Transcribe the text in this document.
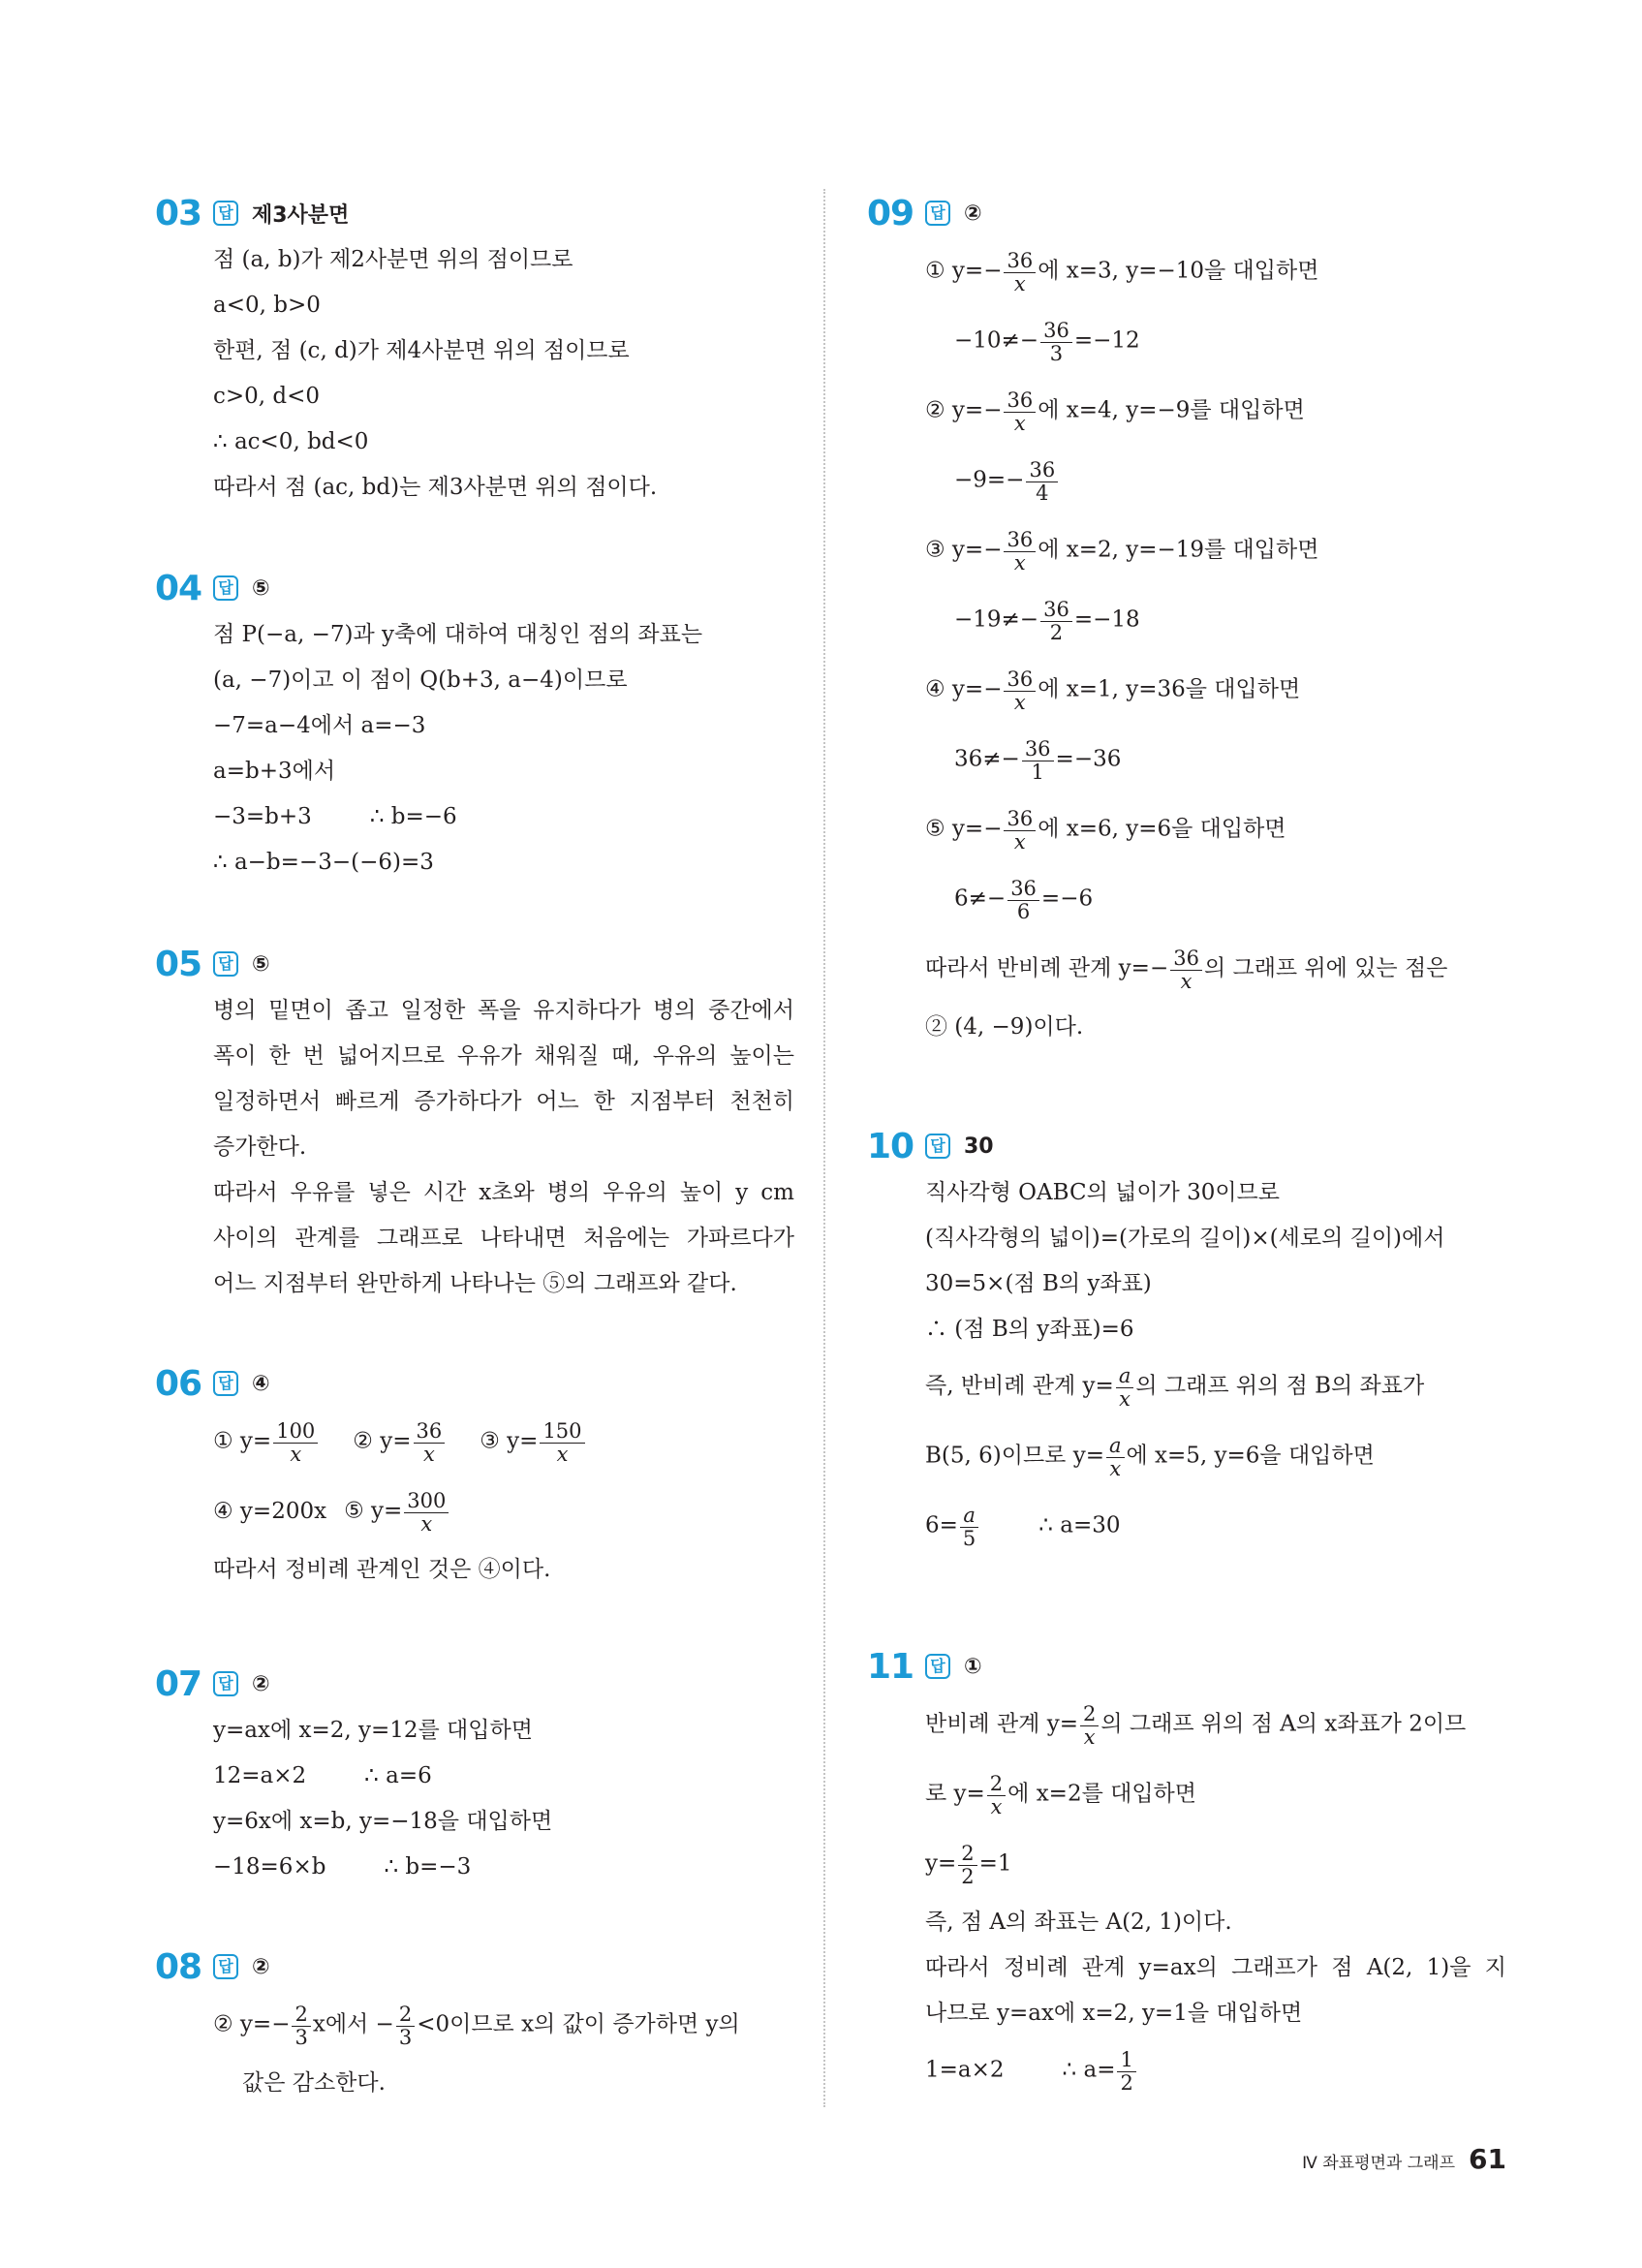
03	답 제3사분면
점 (a, b)가 제2사분면 위의 점이므로
a<0, b>0
한편, 점 (c, d)가 제4사분면 위의 점이므로
c>0, d<0
∴ ac<0, bd<0
따라서 점 (ac, bd)는 제3사분면 위의 점이다.
04	답 ⑤
점 P(−a, −7)과 y축에 대하여 대칭인 점의 좌표는
(a, −7)이고 이 점이 Q(b+3, a−4)이므로
−7=a−4에서 a=−3
a=b+3에서
−3=b+3	∴ b=−6
∴ a−b=−3−(−6)=3
05	답 ⑤
병의 밑면이 좁고 일정한 폭을 유지하다가 병의 중간에서
폭이 한 번 넓어지므로 우유가 채워질 때, 우유의 높이는
일정하면서 빠르게 증가하다가 어느 한 지점부터 천천히
증가한다.
따라서 우유를 넣은 시간 x초와 병의 우유의 높이 y cm
사이의 관계를 그래프로 나타내면 처음에는 가파르다가
어느 지점부터 완만하게 나타나는 ⑤의 그래프와 같다.
06	답 ④
① $y= \frac{100}{x}$ ② $y= \frac{36}{x}$ ③ $y= \frac{150}{x}$
④ y=200x ⑤ $y= \frac{300}{x}$
따라서 정비례 관계인 것은 ④이다.
07	답 ②
y=ax에 x=2, y=12를 대입하면
12=a×2	∴ a=6
y=6x에 x=b, y=−18을 대입하면
−18=6×b	∴ b=−3
08	답 ②
② $y=- \frac{2}{3}$ x에서 − $\frac{2}{3} <0$이므로 x의 값이 증가하면 y의
값은 감소한다.
09	답 ②
① $y=- \frac{36}{x}$ 에 x=3, y=−10을 대입하면
$-10\ne- \frac{36}{3} =-12$
② $y=- \frac{36}{x}$ 에 x=4, y=−9를 대입하면
$-9=- \frac{36}{4}$
③ $y=- \frac{36}{x}$ 에 x=2, y=−19를 대입하면
$-19\ne- \frac{36}{2} =-18$
④ $y=- \frac{36}{x}$ 에 x=1, y=36을 대입하면
$36\ne- \frac{36}{1} =-36$
⑤ $y=- \frac{36}{x}$ 에 x=6, y=6을 대입하면
$6\ne- \frac{36}{6} =-6$
따라서 반비례 관계 $y=- \frac{36}{x}$ 의 그래프 위에 있는 점은
② (4, −9)이다.
10	답 30
직사각형 OABC의 넓이가 30이므로
(직사각형의 넓이)=(가로의 길이)×(세로의 길이)에서
30=5×(점 B의 y좌표)
∴ (점 B의 y좌표)=6
즉, 반비례 관계 $y= \frac{a}{x}$ 의 그래프 위의 점 B의 좌표가
B(5, 6)이므로 $y= \frac{a}{x}$ 에 x=5, y=6을 대입하면
$6= \frac{a}{5}$	∴ a=30
11	답 ①
반비례 관계 $y= \frac{2}{x}$ 의 그래프 위의 점 A의 x좌표가 2이므
로 $y= \frac{2}{x}$ 에 x=2를 대입하면
$y= \frac{2}{2} =1$
즉, 점 A의 좌표는 A(2, 1)이다.
따라서 정비례 관계 y=ax의 그래프가 점 A(2, 1)을 지
나므로 y=ax에 x=2, y=1을 대입하면
1=a×2	∴ $a= \frac{1}{2}$
Ⅳ 좌표평면과 그래프 61
